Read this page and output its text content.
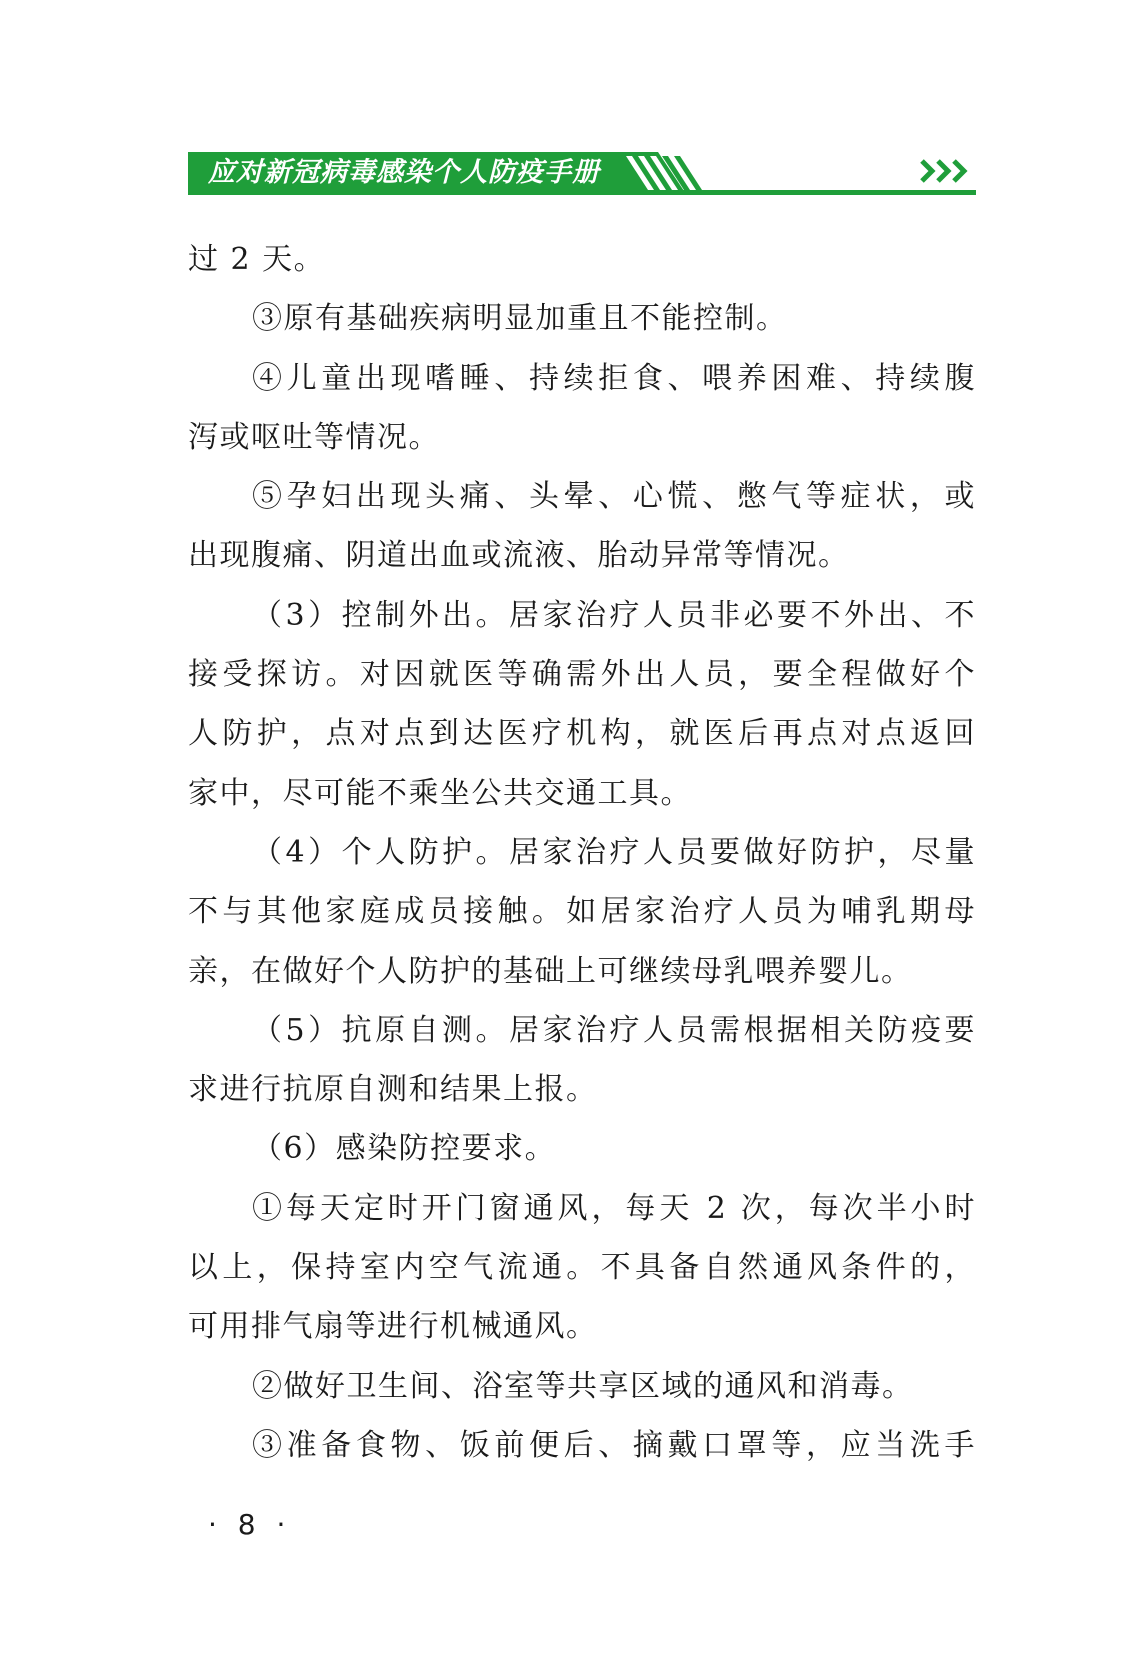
应对新冠病毒感染个人防疫手册
过 2 天。
③原有基础疾病明显加重且不能控制。
④儿童出现嗜睡、持续拒食、喂养困难、持续腹
泻或呕吐等情况。
⑤孕妇出现头痛、头晕、心慌、憋气等症状，或
出现腹痛、阴道出血或流液、胎动异常等情况。
（3）控制外出。居家治疗人员非必要不外出、不
接受探访。对因就医等确需外出人员，要全程做好个
人防护，点对点到达医疗机构，就医后再点对点返回
家中，尽可能不乘坐公共交通工具。
（4）个人防护。居家治疗人员要做好防护，尽量
不与其他家庭成员接触。如居家治疗人员为哺乳期母
亲，在做好个人防护的基础上可继续母乳喂养婴儿。
（5）抗原自测。居家治疗人员需根据相关防疫要
求进行抗原自测和结果上报。
（6）感染防控要求。
①每天定时开门窗通风，每天 2 次，每次半小时
以上，保持室内空气流通。不具备自然通风条件的，
可用排气扇等进行机械通风。
②做好卫生间、浴室等共享区域的通风和消毒。
③准备食物、饭前便后、摘戴口罩等，应当洗手
· 8 ·
